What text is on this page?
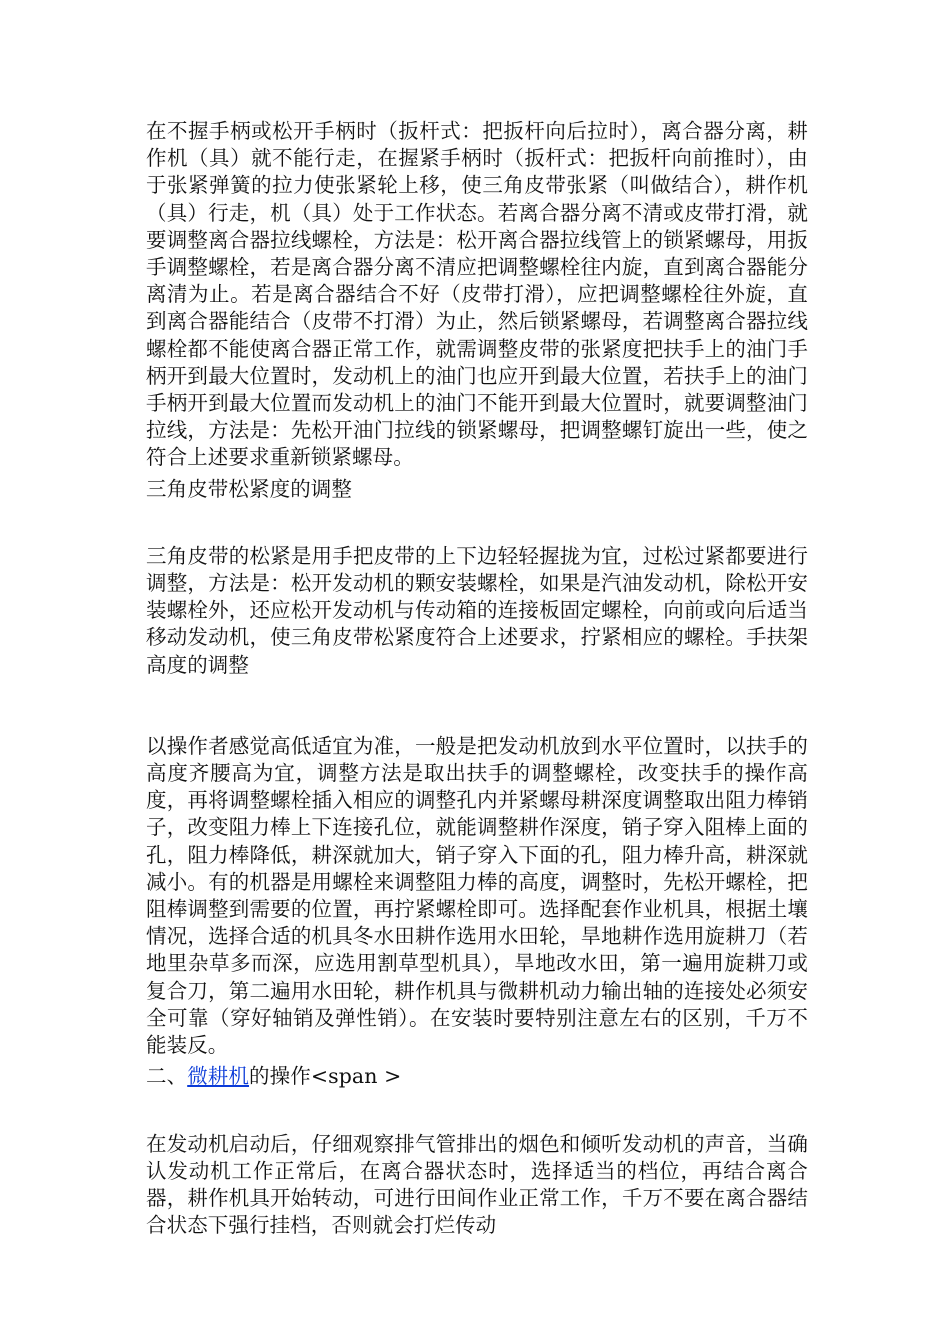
在不握手柄或松开手柄时（扳杆式：把扳杆向后拉时），离合器分离，耕作机（具）就不能行走，在握紧手柄时（扳杆式：把扳杆向前推时），由于张紧弹簧的拉力使张紧轮上移，使三角皮带张紧（叫做结合），耕作机（具）行走，机（具）处于工作状态。若离合器分离不清或皮带打滑，就要调整离合器拉线螺栓，方法是：松开离合器拉线管上的锁紧螺母，用扳手调整螺栓，若是离合器分离不清应把调整螺栓往内旋，直到离合器能分离清为止。若是离合器结合不好（皮带打滑），应把调整螺栓往外旋，直到离合器能结合（皮带不打滑）为止，然后锁紧螺母，若调整离合器拉线螺栓都不能使离合器正常工作，就需调整皮带的张紧度把扶手上的油门手柄开到最大位置时，发动机上的油门也应开到最大位置，若扶手上的油门手柄开到最大位置而发动机上的油门不能开到最大位置时，就要调整油门拉线，方法是：先松开油门拉线的锁紧螺母，把调整螺钉旋出一些，使之符合上述要求重新锁紧螺母。

三角皮带松紧度的调整

三角皮带的松紧是用手把皮带的上下边轻轻握拢为宜，过松过紧都要进行调整，方法是：松开发动机的颗安装螺栓，如果是汽油发动机，除松开安装螺栓外，还应松开发动机与传动箱的连接板固定螺栓，向前或向后适当移动发动机，使三角皮带松紧度符合上述要求，拧紧相应的螺栓。手扶架高度的调整

以操作者感觉高低适宜为准，一般是把发动机放到水平位置时，以扶手的高度齐腰高为宜，调整方法是取出扶手的调整螺栓，改变扶手的操作高度，再将调整螺栓插入相应的调整孔内并紧螺母耕深度调整取出阻力棒销子，改变阻力棒上下连接孔位，就能调整耕作深度，销子穿入阻棒上面的孔，阻力棒降低，耕深就加大，销子穿入下面的孔，阻力棒升高，耕深就减小。有的机器是用螺栓来调整阻力棒的高度，调整时，先松开螺栓，把阻棒调整到需要的位置，再拧紧螺栓即可。选择配套作业机具，根据土壤情况，选择合适的机具冬水田耕作选用水田轮，旱地耕作选用旋耕刀（若地里杂草多而深，应选用割草型机具），旱地改水田，第一遍用旋耕刀或复合刀，第二遍用水田轮，耕作机具与微耕机动力输出轴的连接处必须安全可靠（穿好轴销及弹性销）。在安装时要特别注意左右的区别，千万不能装反。

二、微耕机的操作<span >

在发动机启动后，仔细观察排气管排出的烟色和倾听发动机的声音，当确认发动机工作正常后，在离合器状态时，选择适当的档位，再结合离合器，耕作机具开始转动，可进行田间作业正常工作，千万不要在离合器结合状态下强行挂档，否则就会打烂传动
